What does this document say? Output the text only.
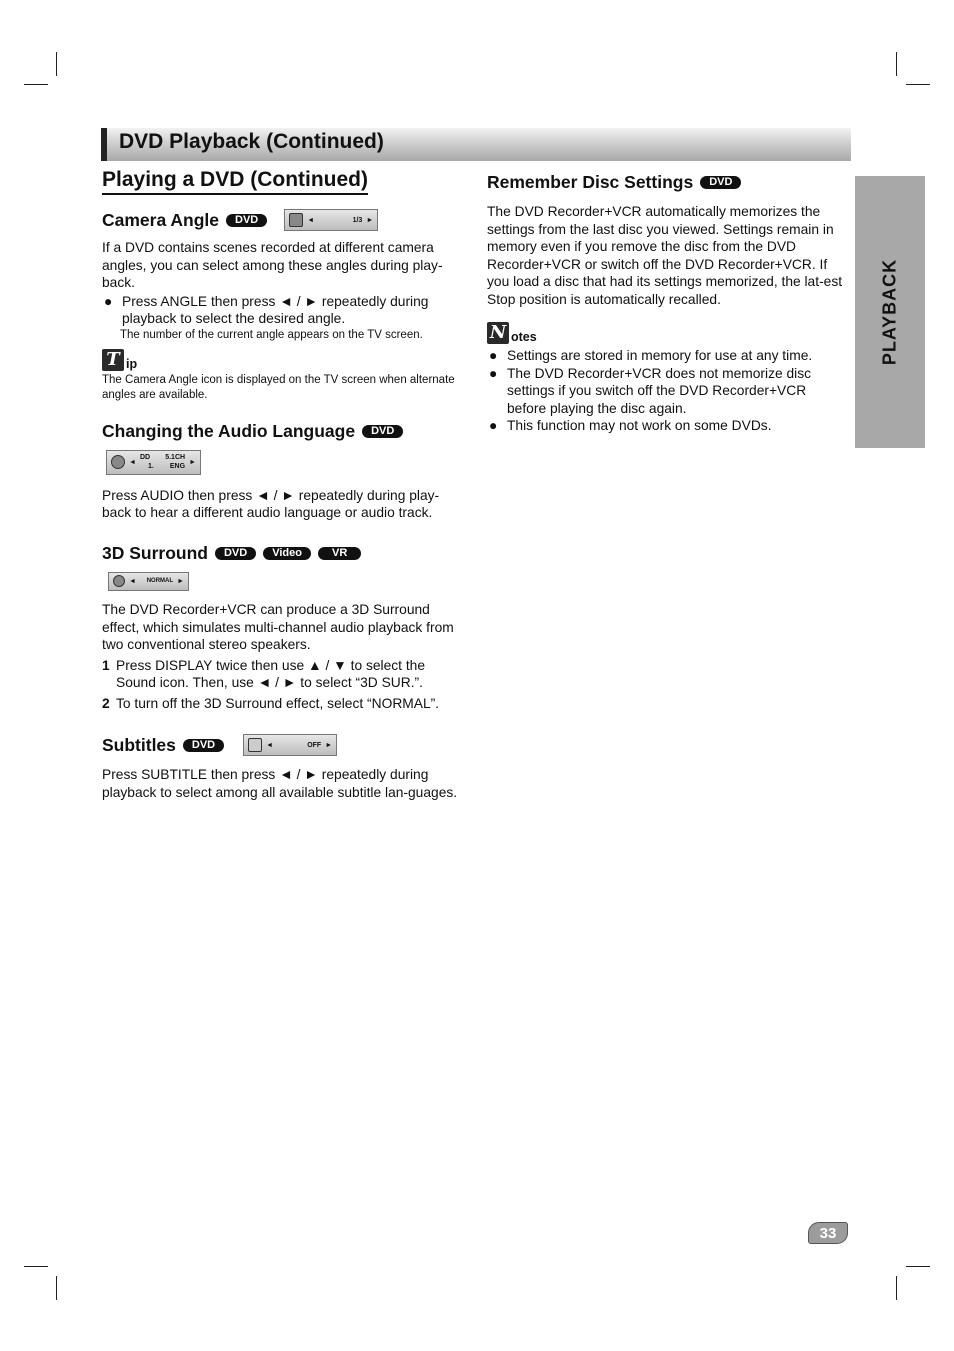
DVD Playback (Continued)
PLAYBACK
Playing a DVD (Continued)
Camera Angle	DVD	◄	1/3 ►

If a DVD contains scenes recorded at different camera angles, you can select among these angles during play-back.

● Press ANGLE then press ◄ / ► repeatedly during playback to select the desired angle.

The number of the current angle appears on the TV screen.

T ip

The Camera Angle icon is displayed on the TV screen when alternate angles are available.

Changing the Audio Language	DVD
◄
DD 5.1CH
1. ENG
►

Press AUDIO then press ◄ / ► repeatedly during play-back to hear a different audio language or audio track.

3D Surround	DVD	Video	VR
◄ NORMAL ►

The DVD Recorder+VCR can produce a 3D Surround effect, which simulates multi-channel audio playback from two conventional stereo speakers.

1 Press DISPLAY twice then use ▲ / ▼ to select the Sound icon. Then, use ◄ / ► to select “3D SUR.”.
2 To turn off the 3D Surround effect, select “NORMAL”.
Subtitles	DVD	◄	OFF ►

Press SUBTITLE then press ◄ / ► repeatedly during playback to select among all available subtitle lan-guages.

Remember Disc Settings	DVD

The DVD Recorder+VCR automatically memorizes the settings from the last disc you viewed. Settings remain in memory even if you remove the disc from the DVD Recorder+VCR or switch off the DVD Recorder+VCR. If you load a disc that had its settings memorized, the lat-est Stop position is automatically recalled.

N otes
● Settings are stored in memory for use at any time.
● The DVD Recorder+VCR does not memorize disc settings if you switch off the DVD Recorder+VCR before playing the disc again.
● This function may not work on some DVDs.
33
